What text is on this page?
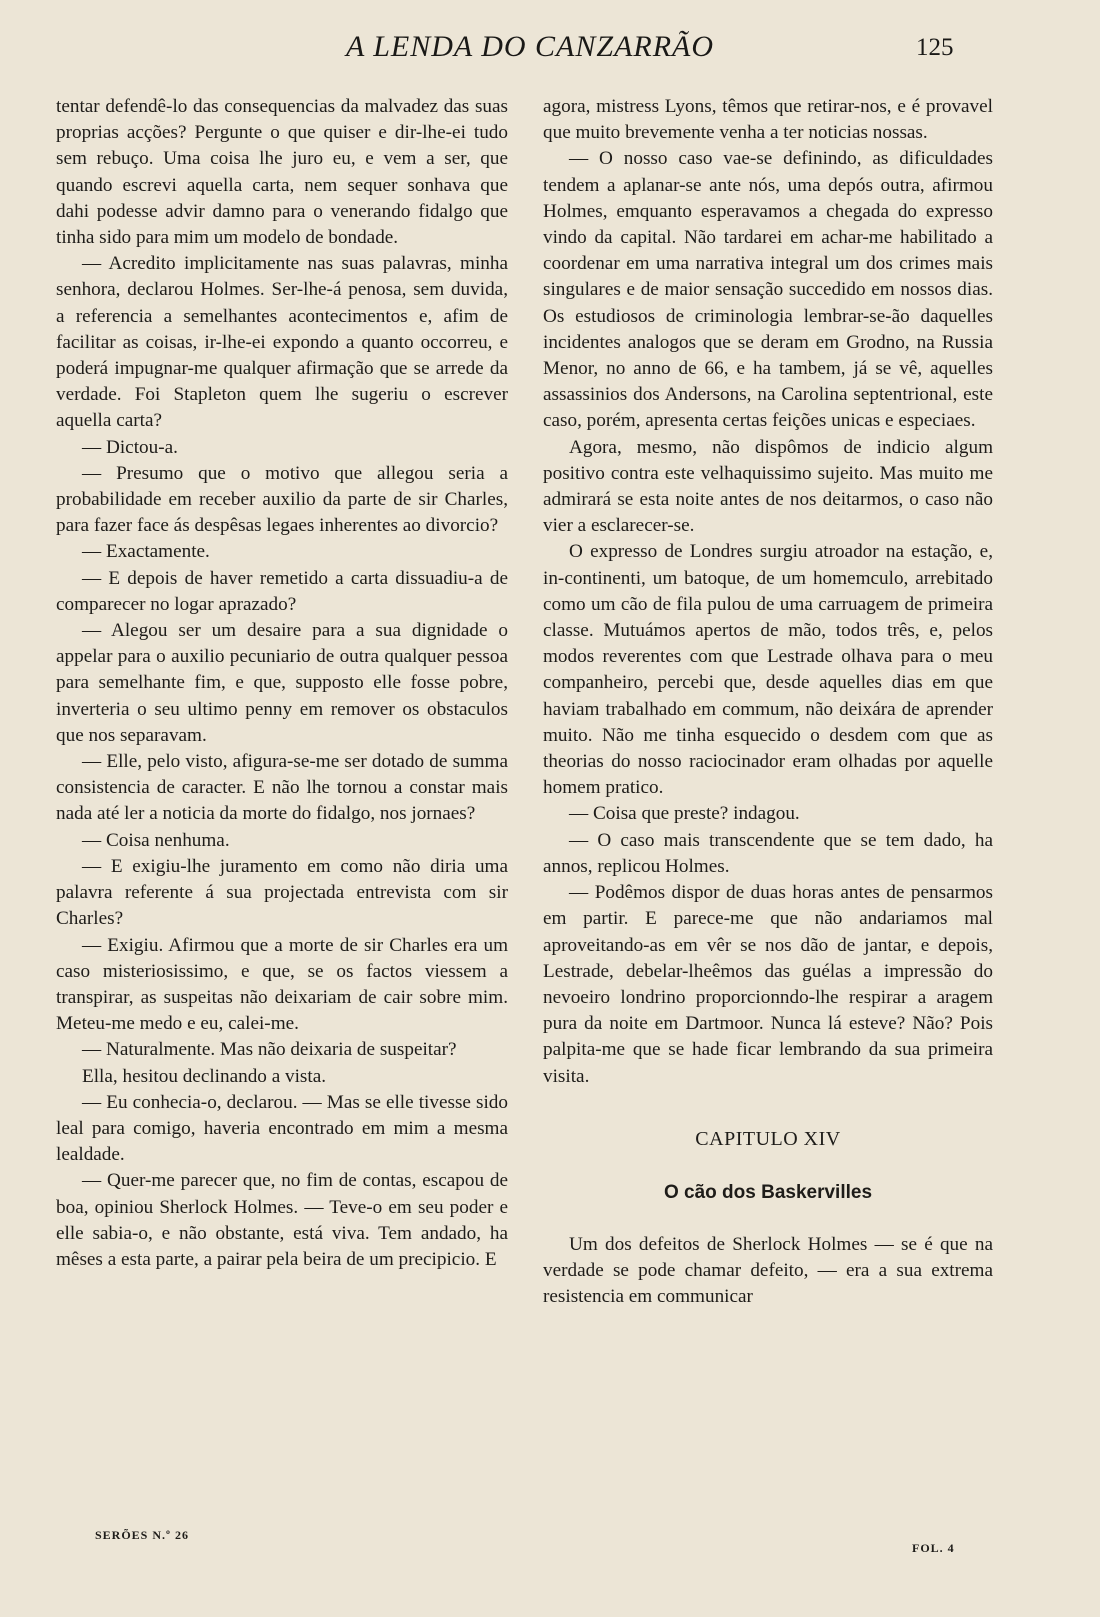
A LENDA DO CANZARRÃO	125

tentar defendê-lo das consequencias da malvadez das suas proprias acções? Pergunte o que quiser e dir-lhe-ei tudo sem rebuço. Uma coisa lhe juro eu, e vem a ser, que quando escrevi aquella carta, nem sequer sonhava que dahi podesse advir damno para o venerando fidalgo que tinha sido para mim um modelo de bondade.

— Acredito implicitamente nas suas palavras, minha senhora, declarou Holmes. Ser-lhe-á penosa, sem duvida, a referencia a semelhantes acontecimentos e, afim de facilitar as coisas, ir-lhe-ei expondo a quanto occorreu, e poderá impugnar-me qualquer afirmação que se arrede da verdade. Foi Stapleton quem lhe sugeriu o escrever aquella carta?

— Dictou-a.

— Presumo que o motivo que allegou seria a probabilidade em receber auxilio da parte de sir Charles, para fazer face ás despêsas legaes inherentes ao divorcio?

— Exactamente.

— E depois de haver remetido a carta dissuadiu-a de comparecer no logar aprazado?

— Alegou ser um desaire para a sua dignidade o appelar para o auxilio pecuniario de outra qualquer pessoa para semelhante fim, e que, supposto elle fosse pobre, inverteria o seu ultimo penny em remover os obstaculos que nos separavam.

— Elle, pelo visto, afigura-se-me ser dotado de summa consistencia de caracter. E não lhe tornou a constar mais nada até ler a noticia da morte do fidalgo, nos jornaes?

— Coisa nenhuma.

— E exigiu-lhe juramento em como não diria uma palavra referente á sua projectada entrevista com sir Charles?

— Exigiu. Afirmou que a morte de sir Charles era um caso misteriosissimo, e que, se os factos viessem a transpirar, as suspeitas não deixariam de cair sobre mim. Meteu-me medo e eu, calei-me.

— Naturalmente. Mas não deixaria de suspeitar?

Ella, hesitou declinando a vista.

— Eu conhecia-o, declarou. — Mas se elle tivesse sido leal para comigo, haveria encontrado em mim a mesma lealdade.

— Quer-me parecer que, no fim de contas, escapou de boa, opiniou Sherlock Holmes. — Teve-o em seu poder e elle sabia-o, e não obstante, está viva. Tem andado, ha mêses a esta parte, a pairar pela beira de um precipicio. E

agora, mistress Lyons, têmos que retirar-nos, e é provavel que muito brevemente venha a ter noticias nossas.

— O nosso caso vae-se definindo, as dificuldades tendem a aplanar-se ante nós, uma depós outra, afirmou Holmes, emquanto esperavamos a chegada do expresso vindo da capital. Não tardarei em achar-me habilitado a coordenar em uma narrativa integral um dos crimes mais singulares e de maior sensação succedido em nossos dias. Os estudiosos de criminologia lembrar-se-ão daquelles incidentes analogos que se deram em Grodno, na Russia Menor, no anno de 66, e ha tambem, já se vê, aquelles assassinios dos Andersons, na Carolina septentrional, este caso, porém, apresenta certas feições unicas e especiaes.

Agora, mesmo, não dispômos de indicio algum positivo contra este velhaquissimo sujeito. Mas muito me admirará se esta noite antes de nos deitarmos, o caso não vier a esclarecer-se.

O expresso de Londres surgiu atroador na estação, e, in-continenti, um batoque, de um homemculo, arrebitado como um cão de fila pulou de uma carruagem de primeira classe. Mutuámos apertos de mão, todos três, e, pelos modos reverentes com que Lestrade olhava para o meu companheiro, percebi que, desde aquelles dias em que haviam trabalhado em commum, não deixára de aprender muito. Não me tinha esquecido o desdem com que as theorias do nosso raciocinador eram olhadas por aquelle homem pratico.

— Coisa que preste? indagou.

— O caso mais transcendente que se tem dado, ha annos, replicou Holmes.

— Podêmos dispor de duas horas antes de pensarmos em partir. E parece-me que não andariamos mal aproveitando-as em vêr se nos dão de jantar, e depois, Lestrade, debelar-lheêmos das guélas a impressão do nevoeiro londrino proporcionndo-lhe respirar a aragem pura da noite em Dartmoor. Nunca lá esteve? Não? Pois palpita-me que se hade ficar lembrando da sua primeira visita.

CAPITULO XIV
O cão dos Baskervilles

Um dos defeitos de Sherlock Holmes — se é que na verdade se pode chamar defeito, — era a sua extrema resistencia em communicar

SERÕES N.º 26
FOL. 4
